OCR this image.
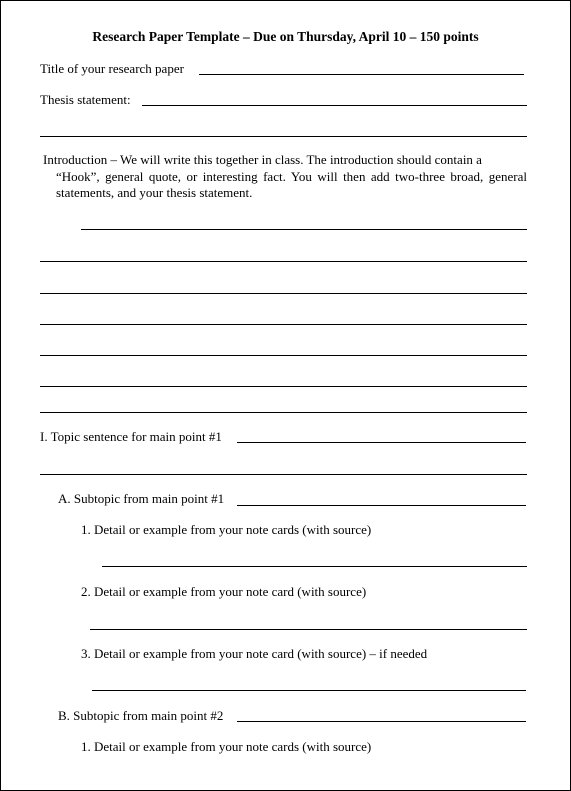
Research Paper Template – Due on Thursday, April 10 – 150 points
Title of your research paper
Thesis statement:
Introduction – We will write this together in class. The introduction should contain a
“Hook”, general quote, or interesting fact. You will then add two-three broad, general statements, and your thesis statement.
I. Topic sentence for main point #1
A. Subtopic from main point #1
1. Detail or example from your note cards (with source)
2. Detail or example from your note card (with source)
3. Detail or example from your note card (with source) – if needed
B. Subtopic from main point #2
1. Detail or example from your note cards (with source)
